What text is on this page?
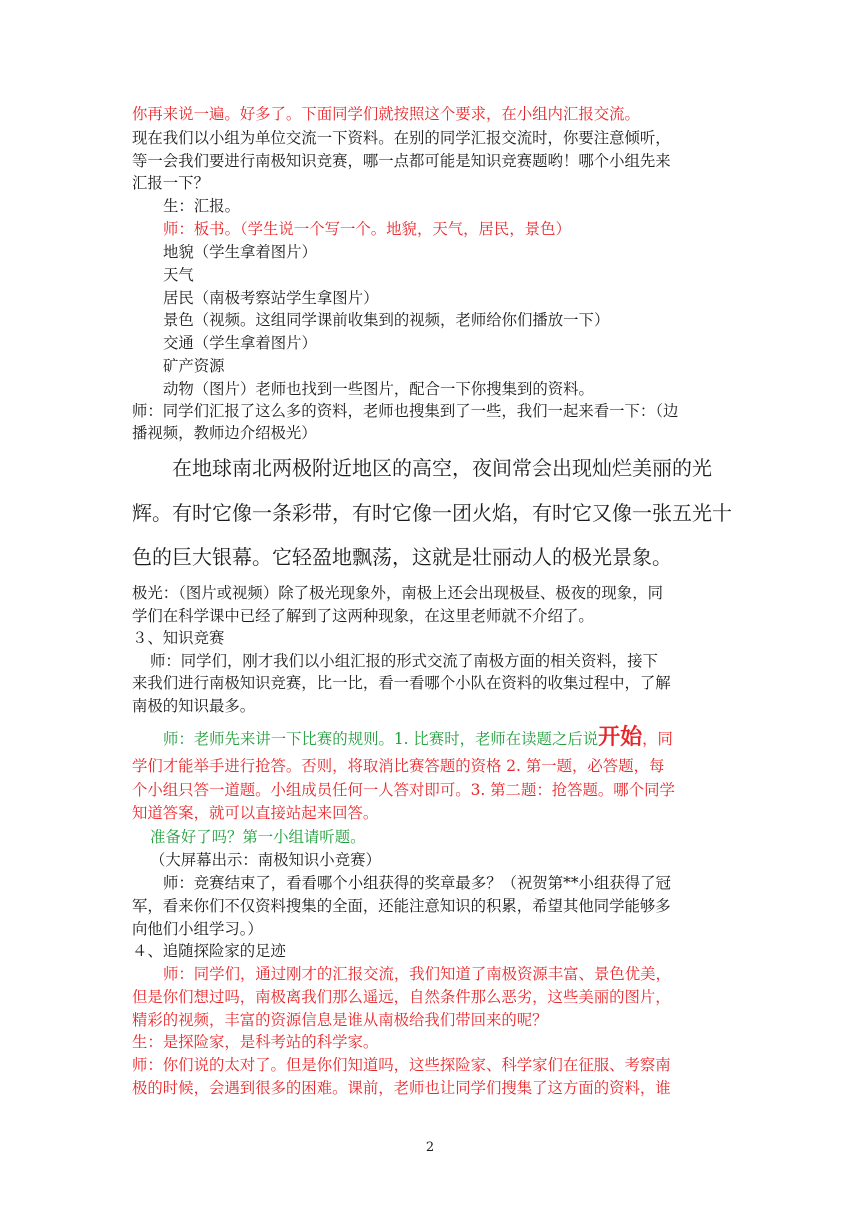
你再来说一遍。好多了。下面同学们就按照这个要求，在小组内汇报交流。
现在我们以小组为单位交流一下资料。在别的同学汇报交流时，你要注意倾听，
等一会我们要进行南极知识竞赛，哪一点都可能是知识竞赛题哟！哪个小组先来
汇报一下？
生：汇报。
师：板书。（学生说一个写一个。地貌，天气，居民，景色）
地貌（学生拿着图片）
天气
居民（南极考察站学生拿图片）
景色（视频。这组同学课前收集到的视频，老师给你们播放一下）
交通（学生拿着图片）
矿产资源
动物（图片）老师也找到一些图片，配合一下你搜集到的资料。
师：同学们汇报了这么多的资料，老师也搜集到了一些，我们一起来看一下：（边
播视频，教师边介绍极光）
在地球南北两极附近地区的高空，夜间常会出现灿烂美丽的光
辉。有时它像一条彩带，有时它像一团火焰，有时它又像一张五光十
色的巨大银幕。它轻盈地飘荡，这就是壮丽动人的极光景象。
极光：（图片或视频）除了极光现象外，南极上还会出现极昼、极夜的现象，同
学们在科学课中已经了解到了这两种现象，在这里老师就不介绍了。
３、知识竞赛
师：同学们，刚才我们以小组汇报的形式交流了南极方面的相关资料，接下
来我们进行南极知识竞赛，比一比，看一看哪个小队在资料的收集过程中，了解
南极的知识最多。
师：老师先来讲一下比赛的规则。1. 比赛时，老师在读题之后说开始，同
学们才能举手进行抢答。否则，将取消比赛答题的资格 2. 第一题，必答题，每
个小组只答一道题。小组成员任何一人答对即可。3. 第二题：抢答题。哪个同学
知道答案，就可以直接站起来回答。
准备好了吗？第一小组请听题。
（大屏幕出示：南极知识小竞赛）
师：竞赛结束了，看看哪个小组获得的奖章最多？（祝贺第**小组获得了冠
军，看来你们不仅资料搜集的全面，还能注意知识的积累，希望其他同学能够多
向他们小组学习。）
４、追随探险家的足迹
师：同学们，通过刚才的汇报交流，我们知道了南极资源丰富、景色优美，
但是你们想过吗，南极离我们那么遥远，自然条件那么恶劣，这些美丽的图片，
精彩的视频，丰富的资源信息是谁从南极给我们带回来的呢？
生：是探险家，是科考站的科学家。
师：你们说的太对了。但是你们知道吗，这些探险家、科学家们在征服、考察南
极的时候，会遇到很多的困难。课前，老师也让同学们搜集了这方面的资料，谁
2
